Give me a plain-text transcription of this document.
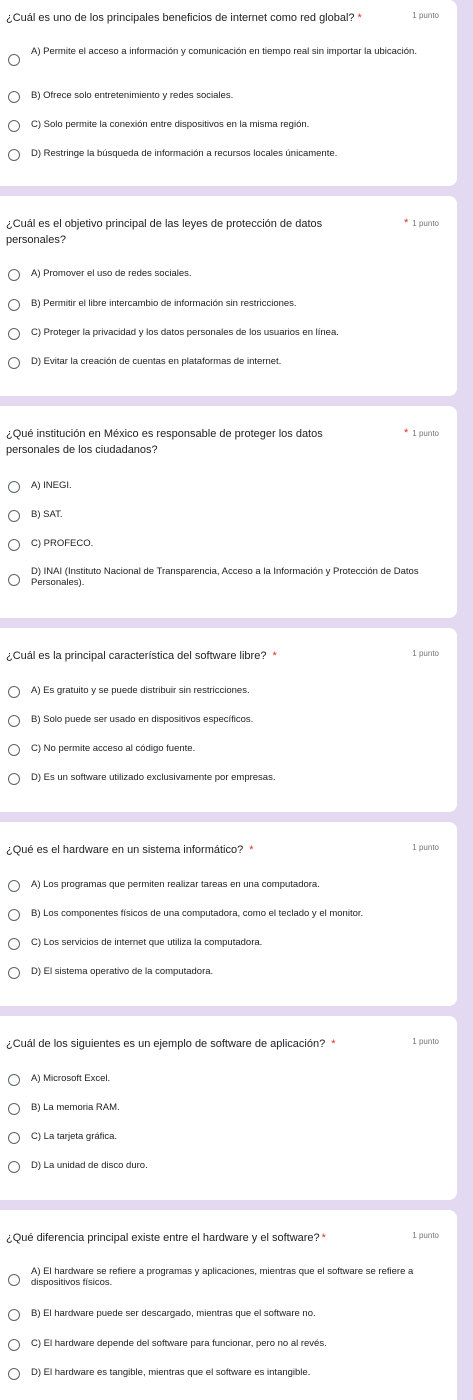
¿Cuál es uno de los principales beneficios de internet como red global? *	1 punto
A) Permite el acceso a información y comunicación en tiempo real sin importar la ubicación.
B) Ofrece solo entretenimiento y redes sociales.
C) Solo permite la conexión entre dispositivos en la misma región.
D) Restringe la búsqueda de información a recursos locales únicamente.
¿Cuál es el objetivo principal de las leyes de protección de datos personales?
* 1 punto
A) Promover el uso de redes sociales.
B) Permitir el libre intercambio de información sin restricciones.
C) Proteger la privacidad y los datos personales de los usuarios en línea.
D) Evitar la creación de cuentas en plataformas de internet.
¿Qué institución en México es responsable de proteger los datos personales de los ciudadanos?
* 1 punto
A) INEGI.
B) SAT.
C) PROFECO.
D) INAI (Instituto Nacional de Transparencia, Acceso a la Información y Protección de Datos Personales).
¿Cuál es la principal característica del software libre? *	1 punto
A) Es gratuito y se puede distribuir sin restricciones.
B) Solo puede ser usado en dispositivos específicos.
C) No permite acceso al código fuente.
D) Es un software utilizado exclusivamente por empresas.
¿Qué es el hardware en un sistema informático? *	1 punto
A) Los programas que permiten realizar tareas en una computadora.
B) Los componentes físicos de una computadora, como el teclado y el monitor.
C) Los servicios de internet que utiliza la computadora.
D) El sistema operativo de la computadora.
¿Cuál de los siguientes es un ejemplo de software de aplicación? *	1 punto
A) Microsoft Excel.
B) La memoria RAM.
C) La tarjeta gráfica.
D) La unidad de disco duro.
¿Qué diferencia principal existe entre el hardware y el software? *	1 punto
A) El hardware se refiere a programas y aplicaciones, mientras que el software se refiere a dispositivos físicos.
B) El hardware puede ser descargado, mientras que el software no.
C) El hardware depende del software para funcionar, pero no al revés.
D) El hardware es tangible, mientras que el software es intangible.
